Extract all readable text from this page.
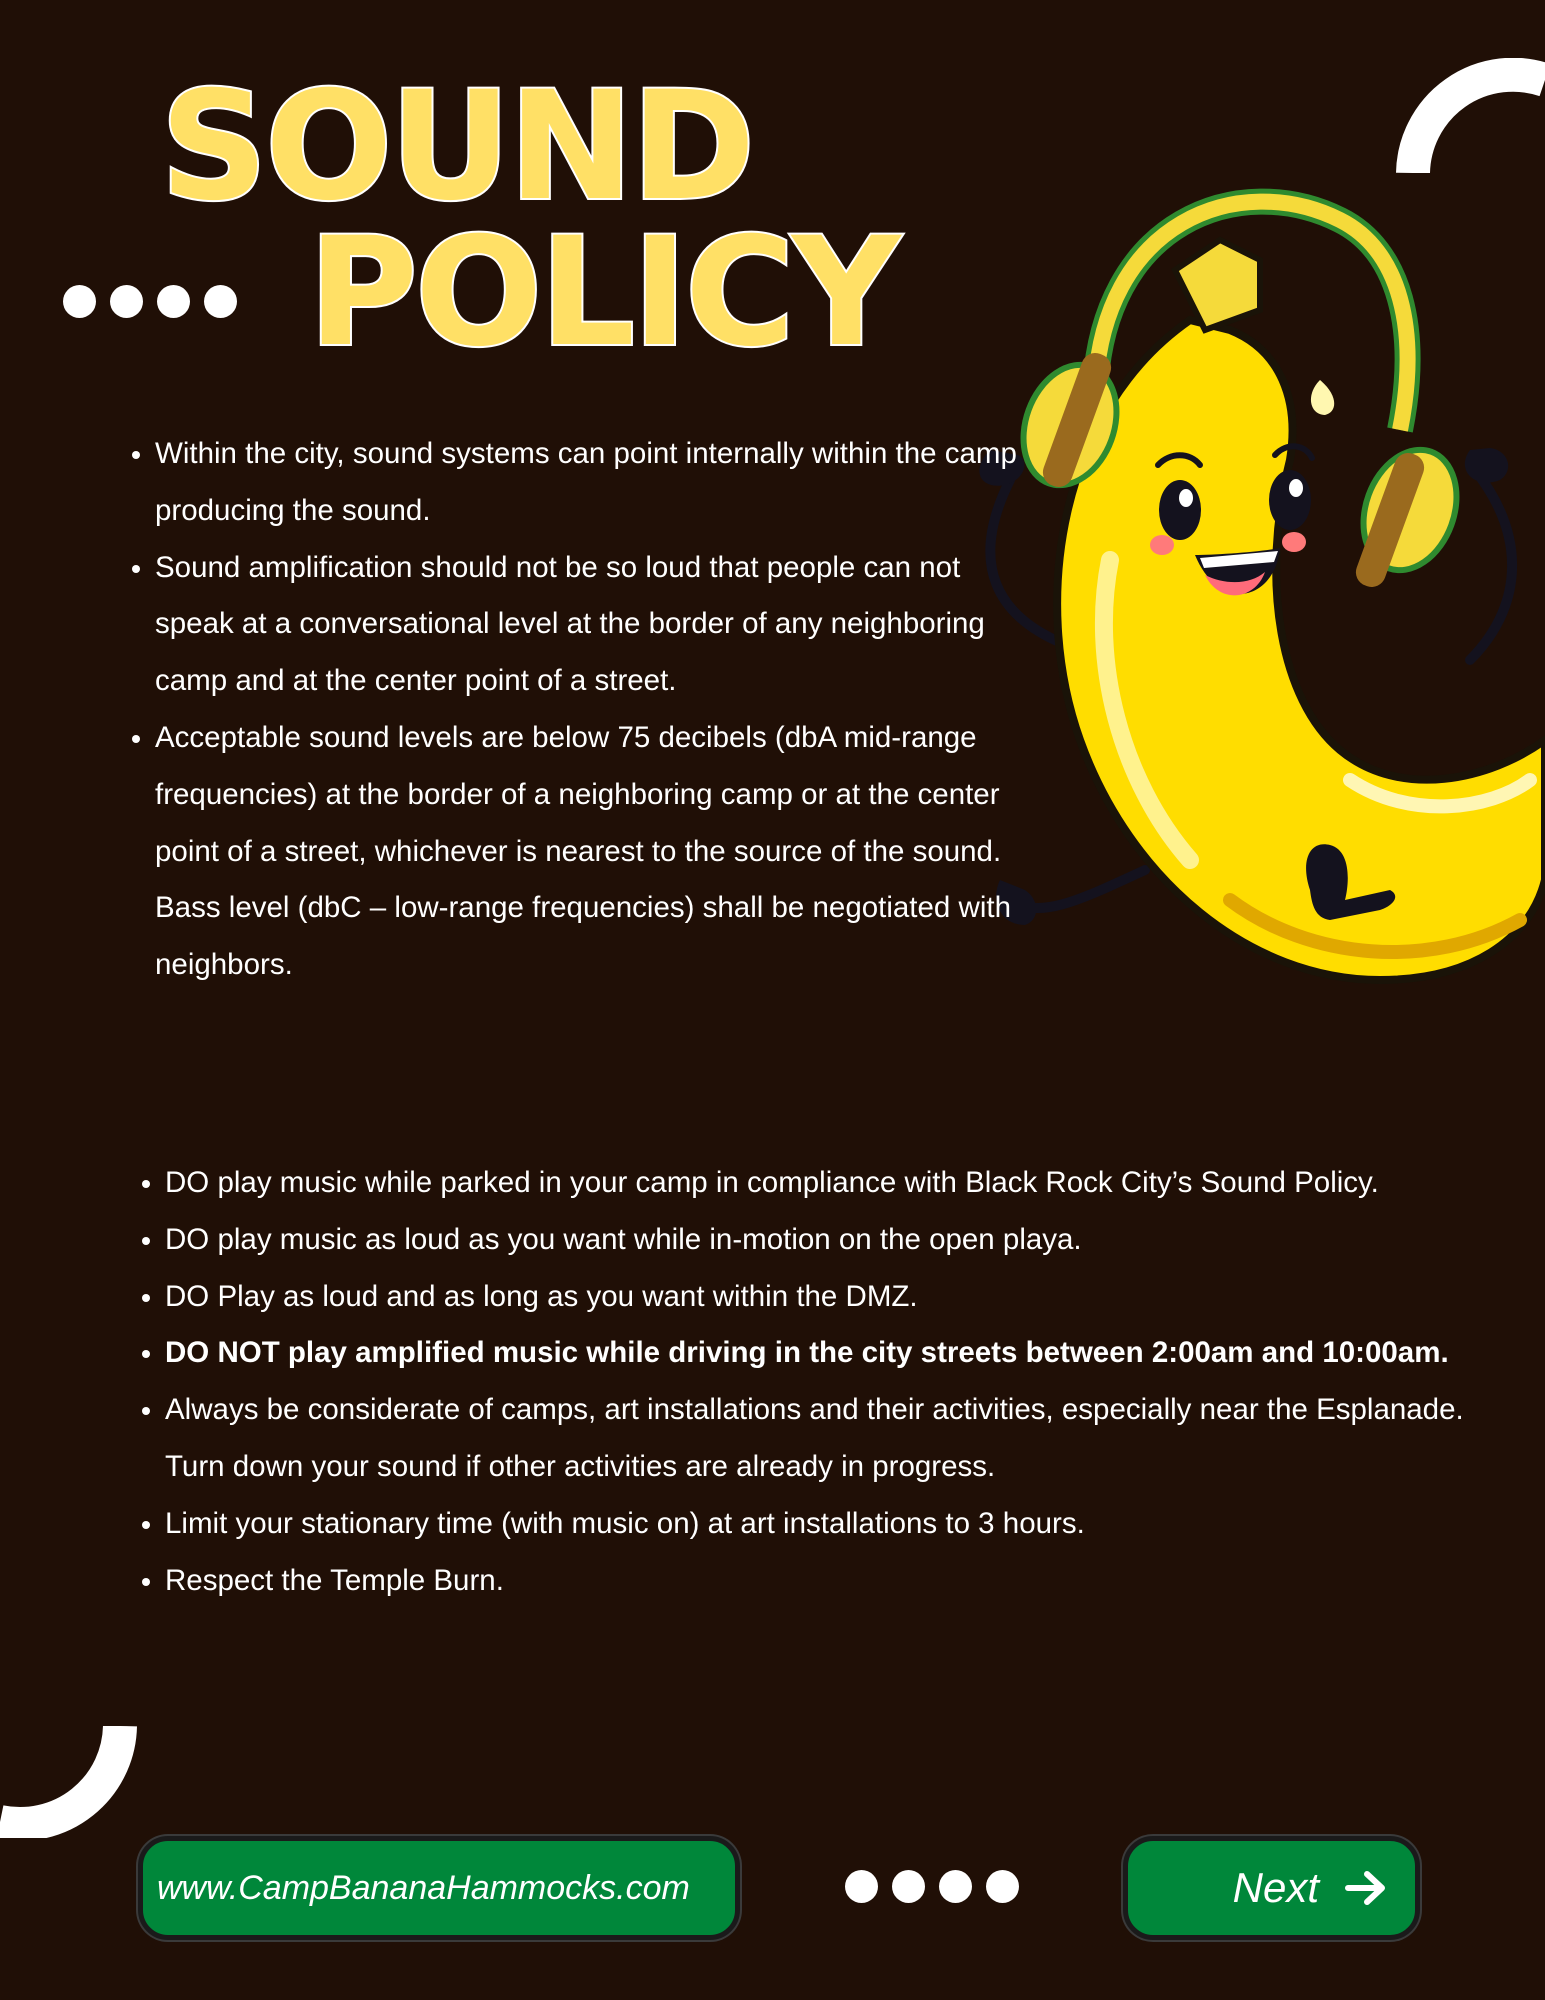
SOUND
POLICY
• Within the city, sound systems can point internally within the camp producing the sound.
• Sound amplification should not be so loud that people can not speak at a conversational level at the border of any neighboring camp and at the center point of a street.
• Acceptable sound levels are below 75 decibels (dbA mid-range frequencies) at the border of a neighboring camp or at the center point of a street, whichever is nearest to the source of the sound. Bass level (dbC – low-range frequencies) shall be negotiated with neighbors.
• DO play music while parked in your camp in compliance with Black Rock City’s Sound Policy.
• DO play music as loud as you want while in-motion on the open playa.
• DO Play as loud and as long as you want within the DMZ.
• DO NOT play amplified music while driving in the city streets between 2:00am and 10:00am.
• Always be considerate of camps, art installations and their activities, especially near the Esplanade. Turn down your sound if other activities are already in progress.
• Limit your stationary time (with music on) at art installations to 3 hours.
• Respect the Temple Burn.
www.CampBananaHammocks.com	Next
